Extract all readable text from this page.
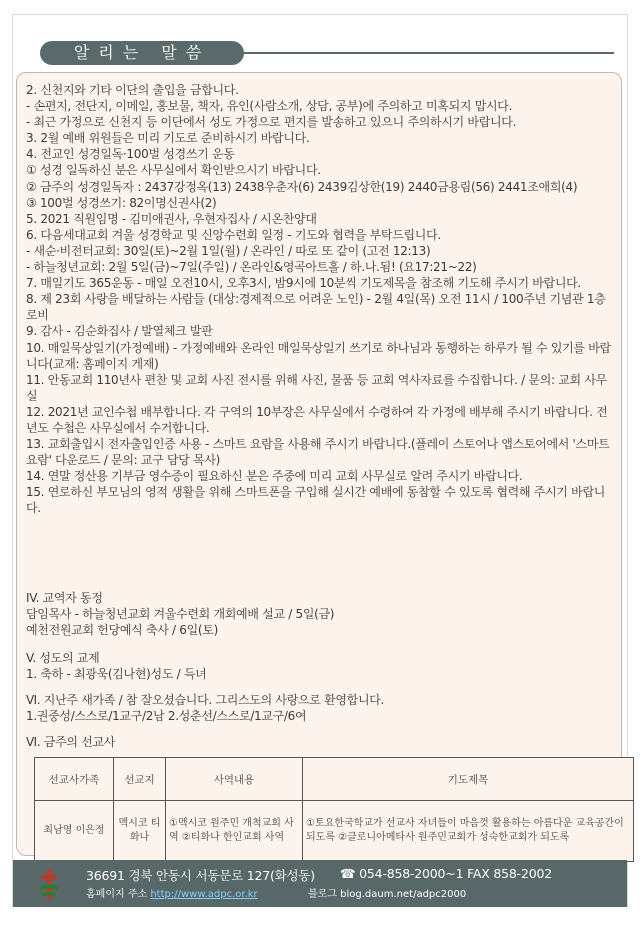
알리는 말씀
2. 신천지와 기타 이단의 출입을 금합니다.
- 손편지, 전단지, 이메일, 홍보물, 책자, 유인(사람소개, 상담, 공부)에 주의하고 미혹되지 맙시다.
- 최근 가정으로 신천지 등 이단에서 성도 가정으로 편지를 발송하고 있으니 주의하시기 바랍니다.
3. 2월 예배 위원들은 미리 기도로 준비하시기 바랍니다.
4. 전교인 성경일독·100벌 성경쓰기 운동
① 성경 일독하신 분은 사무실에서 확인받으시기 바랍니다.
② 금주의 성경일독자 : 2437강정옥(13) 2438우춘자(6) 2439김상한(19) 2440금용림(56) 2441조애희(4)
③ 100벌 성경쓰기: 82이명신권사(2)
5. 2021 직원임명 - 김미애권사, 우현자집사 / 시온찬양대
6. 다음세대교회 겨울 성경학교 및 신앙수련회 일정 - 기도와 협력을 부탁드립니다.
- 새순·비전터교회: 30일(토)~2월 1일(월) / 온라인 / 따로 또 같이 (고전 12:13)
- 하늘청년교회: 2월 5일(금)~7일(주일) / 온라인&영곡아트홀 / 하.나.됨! (요17:21~22)
7. 매일기도 365운동 - 매일 오전10시, 오후3시, 밤9시에 10분씩 기도제목을 참조해 기도해 주시기 바랍니다.
8. 제 23회 사랑을 배달하는 사람들 (대상:경제적으로 어려운 노인) - 2월 4일(목) 오전 11시 / 100주년 기념관 1층 로비
9. 감사 - 김순화집사 / 발열체크 발판
10. 매일묵상일기(가정예배) - 가정예배와 온라인 매일묵상일기 쓰기로 하나님과 동행하는 하루가 될 수 있기를 바랍니다(교재: 홈페이지 게재)
11. 안동교회 110년사 편찬 및 교회 사진 전시를 위해 사진, 물품 등 교회 역사자료를 수집합니다. / 문의: 교회 사무실
12. 2021년 교인수첩 배부합니다. 각 구역의 10부장은 사무실에서 수령하여 각 가정에 배부해 주시기 바랍니다. 전년도 수첩은 사무실에서 수거합니다.
13. 교회출입시 전자출입인증 사용 - 스마트 요람을 사용해 주시기 바랍니다.(플레이 스토어나 앱스토어에서 '스마트 요람' 다운로드 / 문의: 교구 담당 목사)
14. 연말 정산용 기부금 영수증이 필요하신 분은 주중에 미리 교회 사무실로 알려 주시기 바랍니다.
15. 연로하신 부모님의 영적 생활을 위해 스마트폰을 구입해 실시간 예배에 동참할 수 있도록 협력해 주시기 바랍니다.
IV. 교역자 동정
담임목사 - 하늘청년교회 겨울수련회 개회예배 설교 / 5일(금)
예천전원교회 헌당예식 축사 / 6일(토)
V. 성도의 교제
1. 축하 - 최광욱(김나현)성도 / 득녀
Ⅵ. 지난주 새가족 / 참 잘오셨습니다. 그리스도의 사랑으로 환영합니다.
1.권중성/스스로/1교구/2남 2.성춘선/스스로/1교구/6여
Ⅵ. 금주의 선교사
선교사가족	선교지	사역내용	기도제목
최남영 이은정	멕시코 티화나	①멕시코 원주민 개척교회 사역 ②티화나 한인교회 사역	①토요한국학교가 선교사 자녀들이 마음껏 활용하는 아름다운 교육공간이 되도록 ②클로니아메타사 원주민교회가 성숙한교회가 되도록
36691 경북 안동시 서동문로 127(화성동) ☎ 054-858-2000~1 FAX 858-2002
홈페이지 주소 http://www.adpc.or.kr	블로그 blog.daum.net/adpc2000
